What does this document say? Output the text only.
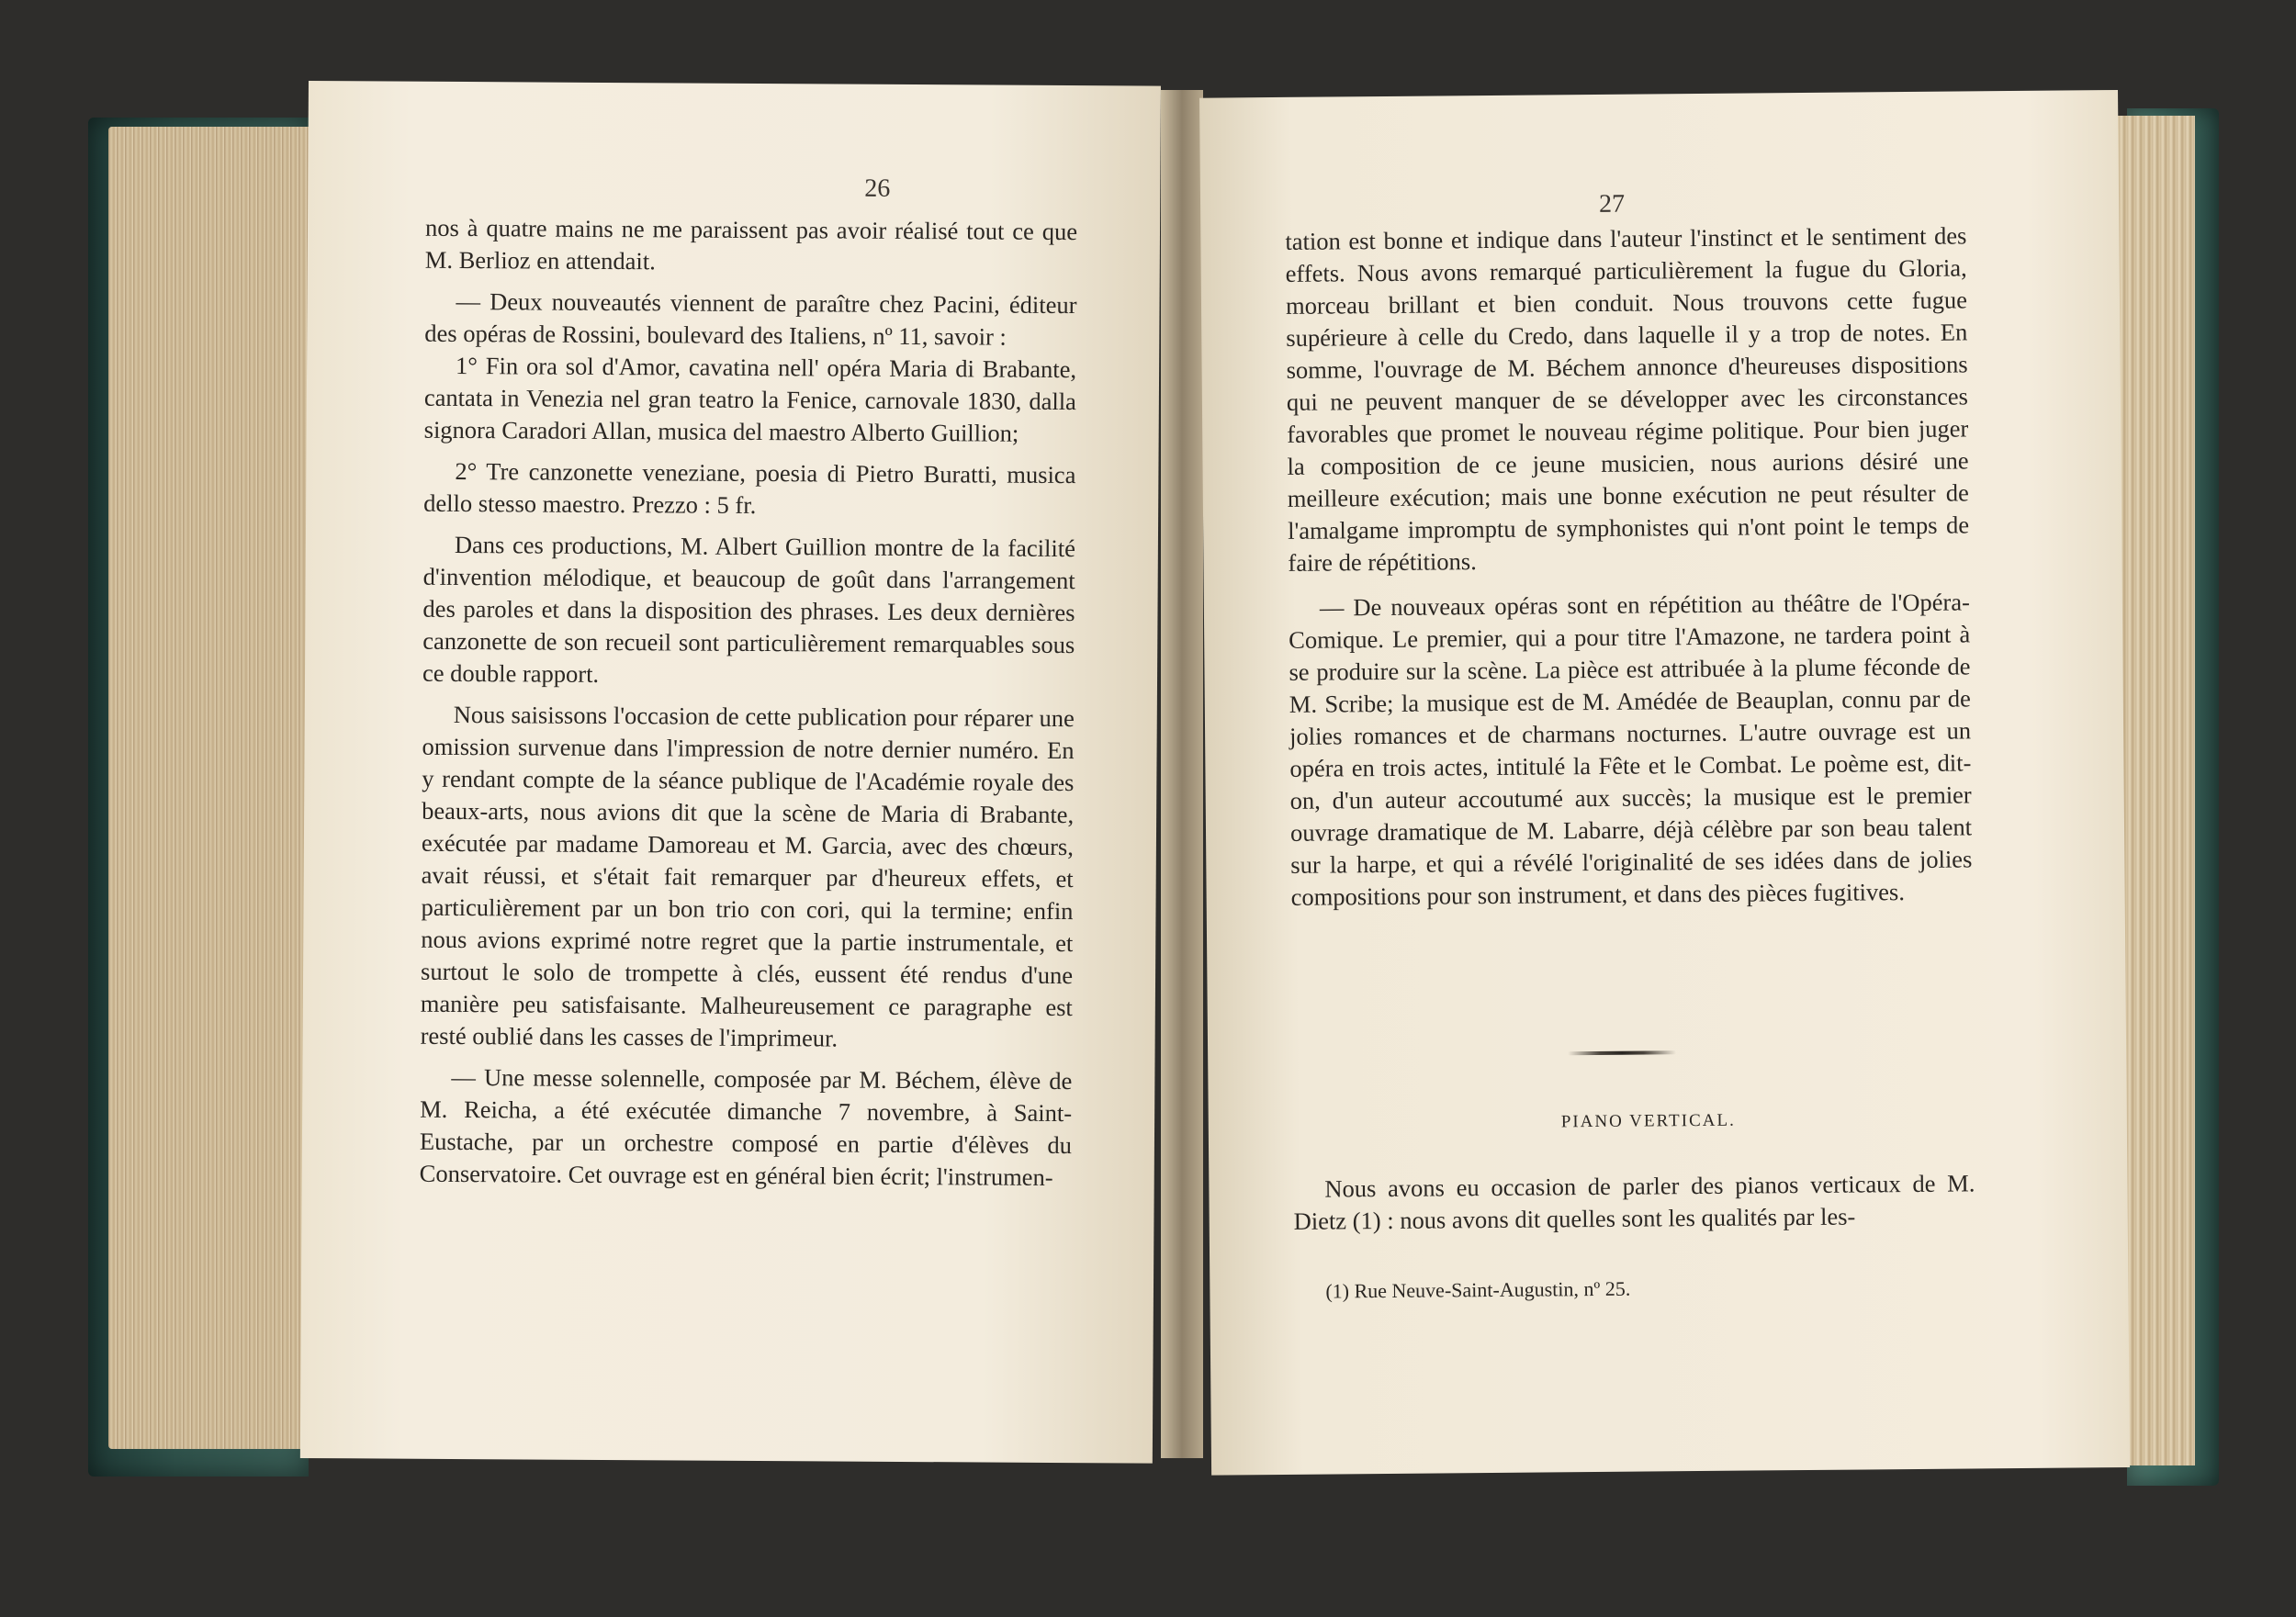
26

nos à quatre mains ne me paraissent pas avoir réalisé tout ce que M. Berlioz en attendait.

— Deux nouveautés viennent de paraître chez Pacini, éditeur des opéras de Rossini, boulevard des Italiens, nº 11, savoir :

1° Fin ora sol d'Amor, cavatina nell' opéra Maria di Brabante, cantata in Venezia nel gran teatro la Fenice, carnovale 1830, dalla signora Caradori Allan, musica del maestro Alberto Guillion;

2° Tre canzonette veneziane, poesia di Pietro Buratti, musica dello stesso maestro. Prezzo : 5 fr.

Dans ces productions, M. Albert Guillion montre de la facilité d'invention mélodique, et beaucoup de goût dans l'arrangement des paroles et dans la disposition des phrases. Les deux dernières canzonette de son recueil sont particulièrement remarquables sous ce double rapport.

Nous saisissons l'occasion de cette publication pour réparer une omission survenue dans l'impression de notre dernier numéro. En y rendant compte de la séance publique de l'Académie royale des beaux-arts, nous avions dit que la scène de Maria di Brabante, exécutée par madame Damoreau et M. Garcia, avec des chœurs, avait réussi, et s'était fait remarquer par d'heureux effets, et particulièrement par un bon trio con cori, qui la termine; enfin nous avions exprimé notre regret que la partie instrumentale, et surtout le solo de trompette à clés, eussent été rendus d'une manière peu satisfaisante. Malheureusement ce paragraphe est resté oublié dans les casses de l'imprimeur.

— Une messe solennelle, composée par M. Béchem, élève de M. Reicha, a été exécutée dimanche 7 novembre, à Saint-Eustache, par un orchestre composé en partie d'élèves du Conservatoire. Cet ouvrage est en général bien écrit; l'instrumen-

27

tation est bonne et indique dans l'auteur l'instinct et le sentiment des effets. Nous avons remarqué particulièrement la fugue du Gloria, morceau brillant et bien conduit. Nous trouvons cette fugue supérieure à celle du Credo, dans laquelle il y a trop de notes. En somme, l'ouvrage de M. Béchem annonce d'heureuses dispositions qui ne peuvent manquer de se développer avec les circonstances favorables que promet le nouveau régime politique. Pour bien juger la composition de ce jeune musicien, nous aurions désiré une meilleure exécution; mais une bonne exécution ne peut résulter de l'amalgame impromptu de symphonistes qui n'ont point le temps de faire de répétitions.

— De nouveaux opéras sont en répétition au théâtre de l'Opéra-Comique. Le premier, qui a pour titre l'Amazone, ne tardera point à se produire sur la scène. La pièce est attribuée à la plume féconde de M. Scribe; la musique est de M. Amédée de Beauplan, connu par de jolies romances et de charmans nocturnes. L'autre ouvrage est un opéra en trois actes, intitulé la Fête et le Combat. Le poème est, dit-on, d'un auteur accoutumé aux succès; la musique est le premier ouvrage dramatique de M. Labarre, déjà célèbre par son beau talent sur la harpe, et qui a révélé l'originalité de ses idées dans de jolies compositions pour son instrument, et dans des pièces fugitives.

PIANO VERTICAL.

Nous avons eu occasion de parler des pianos verticaux de M. Dietz (1) : nous avons dit quelles sont les qualités par les-

(1) Rue Neuve-Saint-Augustin, nº 25.
